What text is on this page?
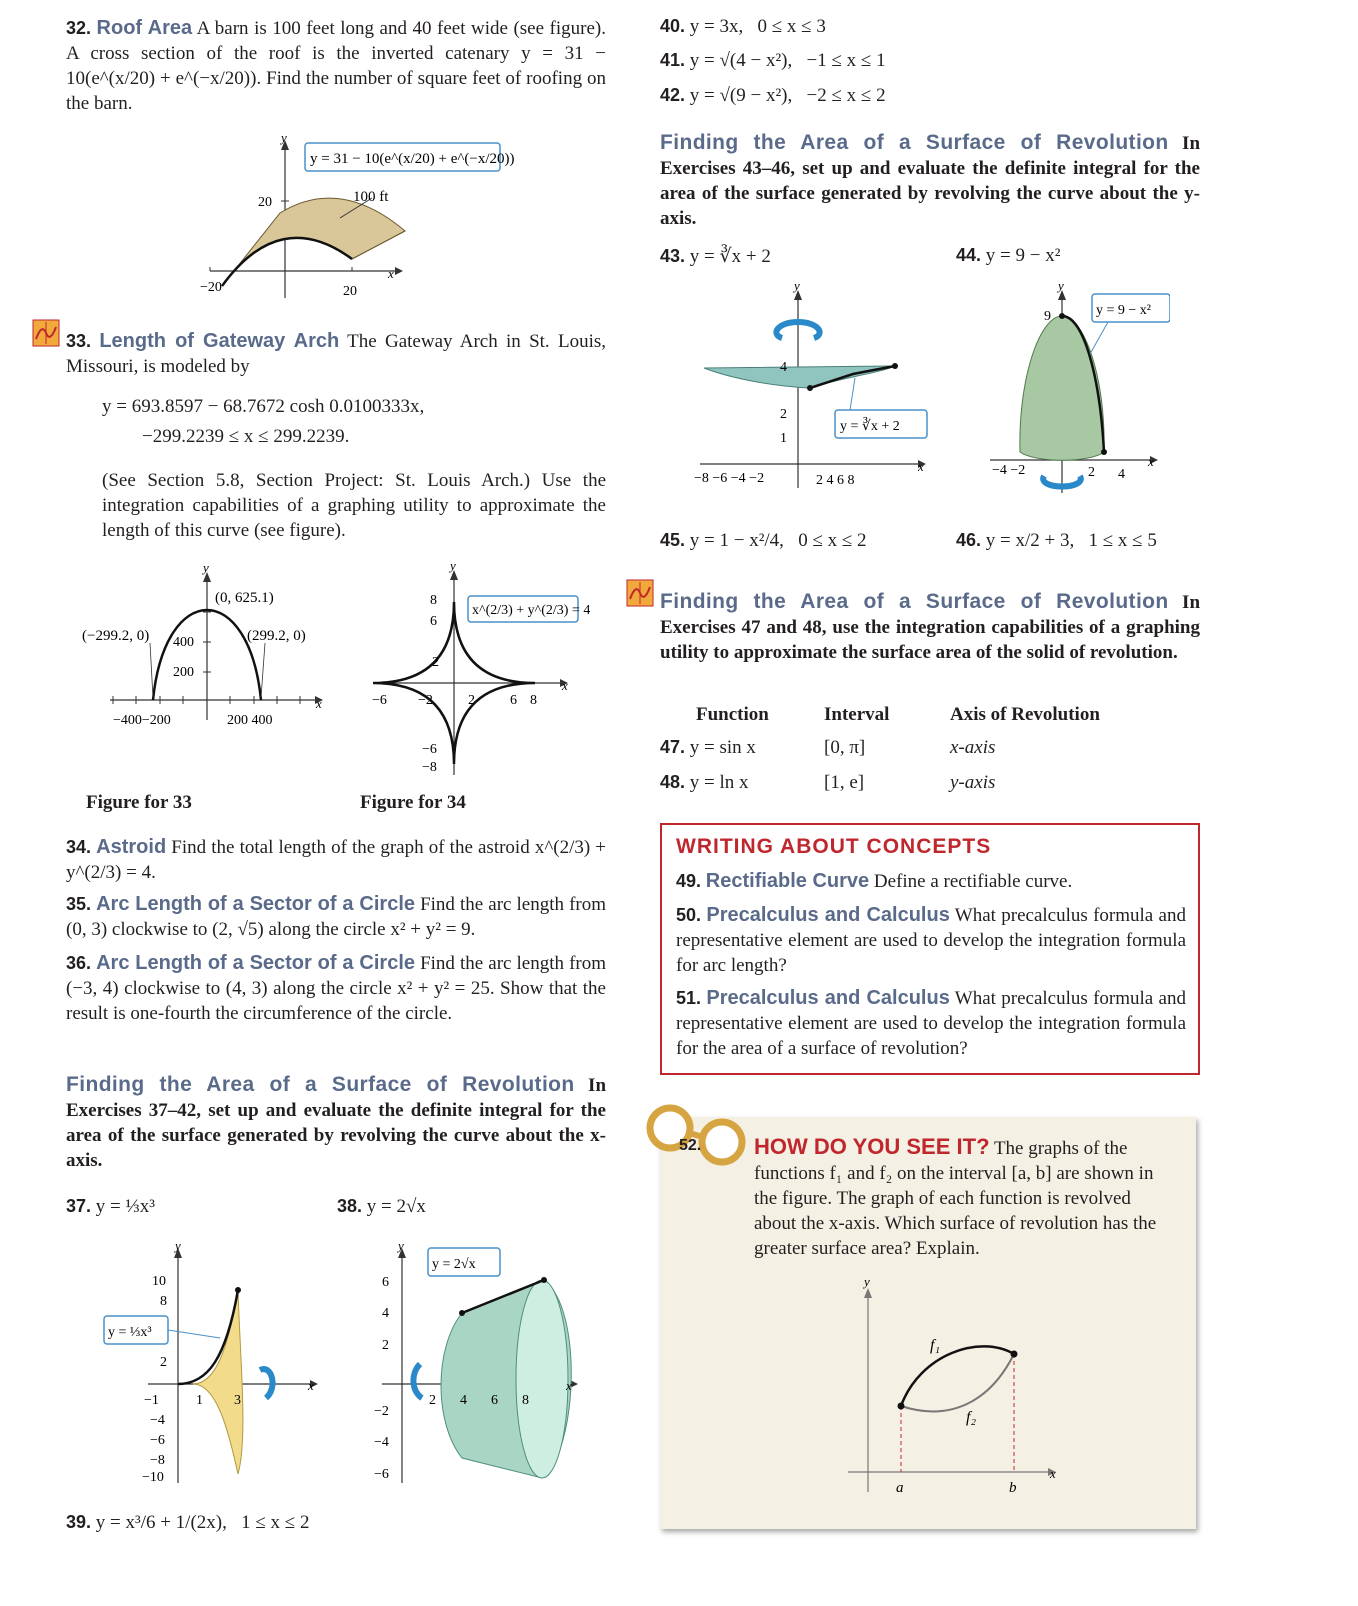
32. Roof Area A barn is 100 feet long and 40 feet wide (see figure). A cross section of the roof is the inverted catenary y = 31 − 10(e^(x/20) + e^(−x/20)). Find the number of square feet of roofing on the barn.
y = 31 − 10(e^(x/20) + e^(−x/20))
100 ft
20
−20	20
x
y
33. Length of Gateway Arch The Gateway Arch in St. Louis, Missouri, is modeled by
y = 693.8597 − 68.7672 cosh 0.0100333x,
−299.2239 ≤ x ≤ 299.2239.
(See Section 5.8, Section Project: St. Louis Arch.) Use the integration capabilities of a graphing utility to approximate the length of this curve (see figure).
(0, 625.1)
(−299.2, 0)	(299.2, 0)
400
200
−400−200	200 400
x
y
Figure for 33
8
6
2
−6
−8
−6 −2	2	6 8
x^(2/3) + y^(2/3) = 4
x
y
Figure for 34
34. Astroid Find the total length of the graph of the astroid x^(2/3) + y^(2/3) = 4.
35. Arc Length of a Sector of a Circle Find the arc length from (0, 3) clockwise to (2, √5) along the circle x² + y² = 9.
36. Arc Length of a Sector of a Circle Find the arc length from (−3, 4) clockwise to (4, 3) along the circle x² + y² = 25. Show that the result is one-fourth the circumference of the circle.
Finding the Area of a Surface of Revolution In Exercises 37–42, set up and evaluate the definite integral for the area of the surface generated by revolving the curve about the x-axis.
37. y = ⅓x³
y = ⅓x³
10
8
2
−1	1 3
−4
−6
−8
−10
x
y
38. y = 2√x
y = 2√x
6
4
2
−2
−4
−6
2 4 6 8
x
y
39. y = x³/6 + 1/(2x), 1 ≤ x ≤ 2
40. y = 3x, 0 ≤ x ≤ 3
41. y = √(4 − x²), −1 ≤ x ≤ 1
42. y = √(9 − x²), −2 ≤ x ≤ 2
Finding the Area of a Surface of Revolution In Exercises 43–46, set up and evaluate the definite integral for the area of the surface generated by revolving the curve about the y-axis.
43. y = ∛x + 2
y = ∛x + 2
4
2
1
−8 −6 −4 −2	2 4 6 8
x
y
44. y = 9 − x²
y = 9 − x²
9
−4 −2	2 4
x
y
45. y = 1 − x²/4, 0 ≤ x ≤ 2	46. y = x/2 + 3, 1 ≤ x ≤ 5
Finding the Area of a Surface of Revolution In Exercises 47 and 48, use the integration capabilities of a graphing utility to approximate the surface area of the solid of revolution.
Function	Interval	Axis of Revolution
47. y = sin x	[0, π]	x-axis
48. y = ln x	[1, e]	y-axis
WRITING ABOUT CONCEPTS
49. Rectifiable Curve Define a rectifiable curve.
50. Precalculus and Calculus What precalculus formula and representative element are used to develop the integration formula for arc length?
51. Precalculus and Calculus What precalculus formula and representative element are used to develop the integration formula for the area of a surface of revolution?
52. HOW DO YOU SEE IT? The graphs of the functions f₁ and f₂ on the interval [a, b] are shown in the figure. The graph of each function is revolved about the x-axis. Which surface of revolution has the greater surface area? Explain.
f₁
f₂
a	b
x
y
